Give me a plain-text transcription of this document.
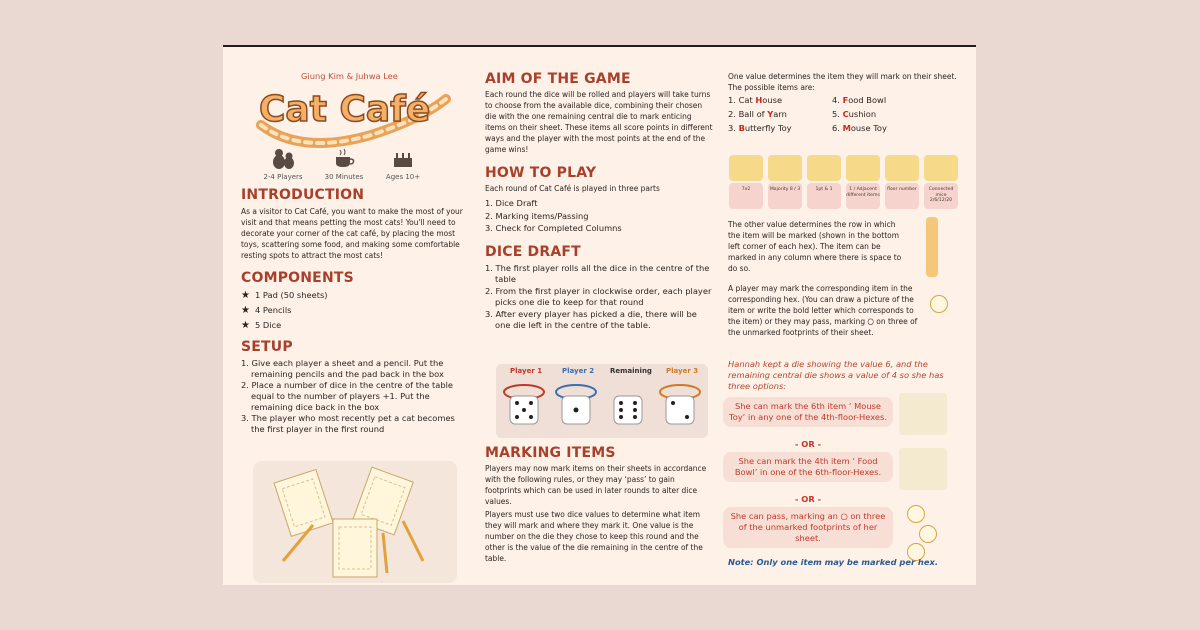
Giung Kim & Juhwa Lee
Cat Café
2-4 Players	30 Minutes	Ages 10+
INTRODUCTION
As a visitor to Cat Café, you want to make the most of your visit and that means petting the most cats! You'll need to decorate your corner of the cat café, by placing the most toys, scattering some food, and making some comfortable resting spots to attract the most cats!
COMPONENTS
★ 1 Pad (50 sheets)
★ 4 Pencils
★ 5 Dice
SETUP
1. Give each player a sheet and a pencil. Put the remaining pencils and the pad back in the box
2. Place a number of dice in the centre of the table equal to the number of players +1. Put the remaining dice back in the box
3. The player who most recently pet a cat becomes the first player in the first round
AIM OF THE GAME
Each round the dice will be rolled and players will take turns to choose from the available dice, combining their chosen die with the one remaining central die to mark enticing items on their sheet. These items all score points in different ways and the player with the most points at the end of the game wins!
HOW TO PLAY
Each round of Cat Café is played in three parts
1. Dice Draft
2. Marking items/Passing
3. Check for Completed Columns
DICE DRAFT
1. The first player rolls all the dice in the centre of the table
2. From the first player in clockwise order, each player picks one die to keep for that round
3. After every player has picked a die, there will be one die left in the centre of the table.
Player 1	Player 2 Remaining Player 3
MARKING ITEMS
Players may now mark items on their sheets in accordance with the following rules, or they may ‘pass’ to gain footprints which can be used in later rounds to alter dice values.
Players must use two dice values to determine what item they will mark and where they mark it. One value is the number on the die they chose to keep this round and the other is the value of the die remaining in the centre of the table.
One value determines the item they will mark on their sheet. The possible items are:
1. Cat House	4. Food Bowl
2. Ball of Yarn	5. Cushion
3. Butterfly Toy	6. Mouse Toy
7x2	Majority 8 / 3	1pt & 1	1 / Adjacent different items
floor number	Connected mice 2/6/12/20
The other value determines the row in which the item will be marked (shown in the bottom left corner of each hex). The item can be marked in any column where there is space to do so.
A player may mark the corresponding item in the corresponding hex. (You can draw a picture of the item or write the bold letter which corresponds to the item) or they may pass, marking ○ on three of the unmarked footprints of their sheet.
Hannah kept a die showing the value 6, and the remaining central die shows a value of 4 so she has three options:
She can mark the 6th item ‘ Mouse Toy’ in any one of the 4th-floor-Hexes.
- OR -
She can mark the 4th item ‘ Food Bowl’ in one of the 6th-floor-Hexes.
- OR -
She can pass, marking an ○ on three of the unmarked footprints of her sheet.
Note: Only one item may be marked per hex.
